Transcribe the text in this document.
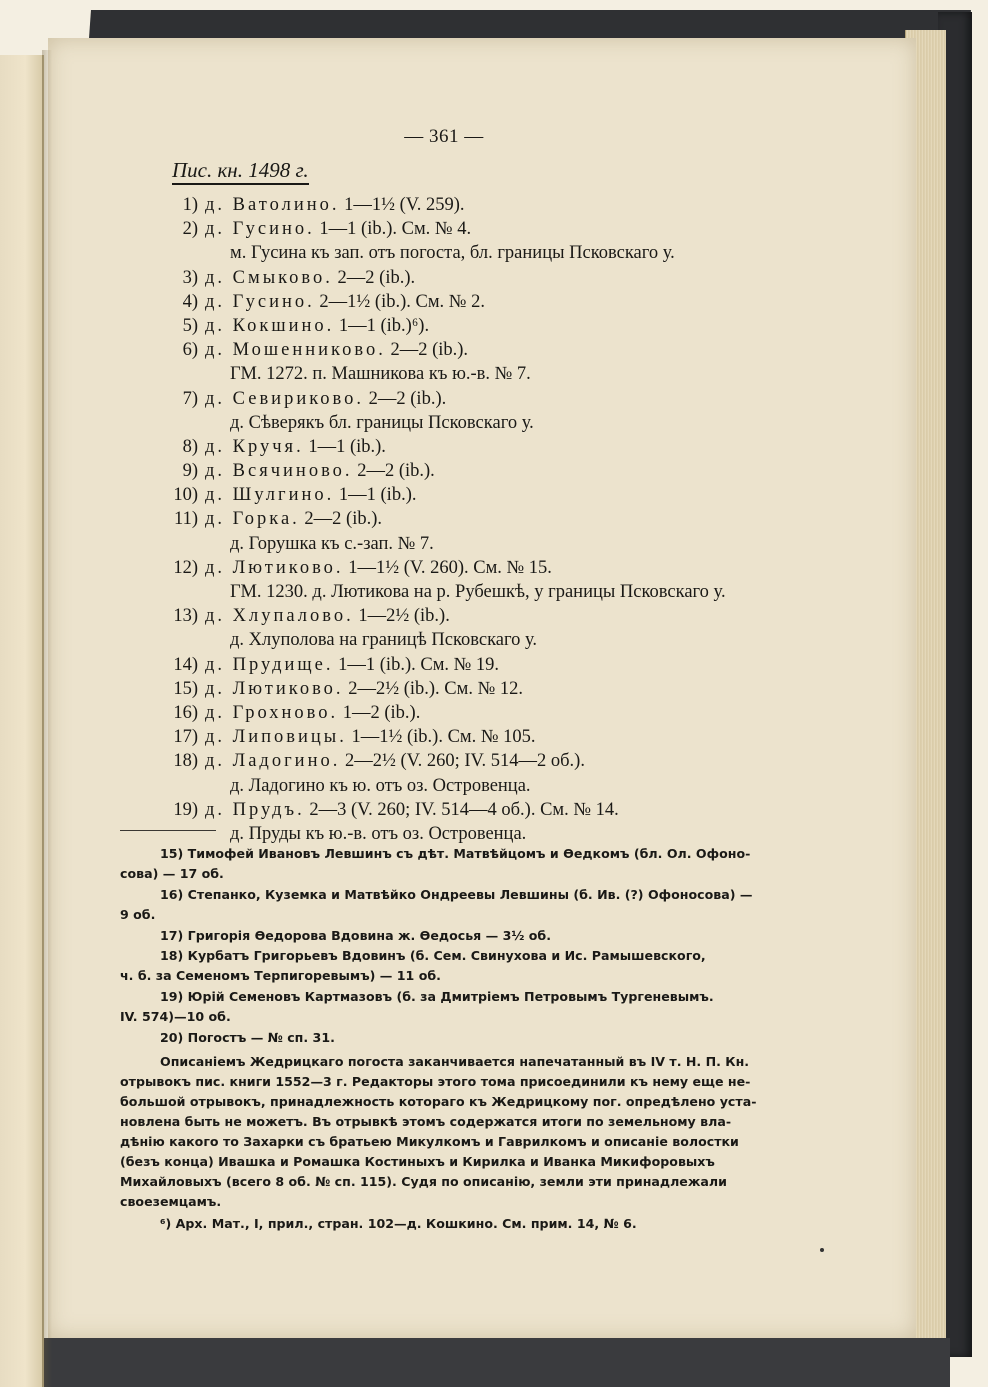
— 361 —
Пис. кн. 1498 г.
1) д. Ватолино. 1—1½ (V. 259).
2) д. Гусино. 1—1 (ib.). См. № 4.
м. Гусина къ зап. отъ погоста, бл. границы Псковскаго у.
3) д. Смыково. 2—2 (ib.).
4) д. Гусино. 2—1½ (ib.). См. № 2.
5) д. Кокшино. 1—1 (ib.)⁶).
6) д. Мошенниково. 2—2 (ib.).
ГМ. 1272. п. Машникова къ ю.-в. № 7.
7) д. Севириково. 2—2 (ib.).
д. Сѣверякъ бл. границы Псковскаго у.
8) д. Кручя. 1—1 (ib.).
9) д. Всячиново. 2—2 (ib.).
10) д. Шулгино. 1—1 (ib.).
11) д. Горка. 2—2 (ib.).
д. Горушка къ с.-зап. № 7.
12) д. Лютиково. 1—1½ (V. 260). См. № 15.
ГМ. 1230. д. Лютикова на р. Рубешкѣ, у границы Псковскаго у.
13) д. Хлупалово. 1—2½ (ib.).
д. Хлуполова на границѣ Псковскаго у.
14) д. Прудище. 1—1 (ib.). См. № 19.
15) д. Лютиково. 2—2½ (ib.). См. № 12.
16) д. Грохново. 1—2 (ib.).
17) д. Липовицы. 1—1½ (ib.). См. № 105.
18) д. Ладогино. 2—2½ (V. 260; IV. 514—2 об.).
д. Ладогино къ ю. отъ оз. Островенца.
19) д. Прудъ. 2—3 (V. 260; IV. 514—4 об.). См. № 14.
д. Пруды къ ю.-в. отъ оз. Островенца.
15) Тимофей Ивановъ Левшинъ съ дѣт. Матвѣйцомъ и Өедкомъ (бл. Ол. Офоно-
сова) — 17 об.
16) Степанко, Куземка и Матвѣйко Ондреевы Левшины (б. Ив. (?) Офоносова) —
9 об.
17) Григорія Өедорова Вдовина ж. Өедосья — 3½ об.
18) Курбатъ Григорьевъ Вдовинъ (б. Сем. Свинухова и Ис. Рамышевского,
ч. б. за Семеномъ Терпигоревымъ) — 11 об.
19) Юрій Семеновъ Картмазовъ (б. за Дмитріемъ Петровымъ Тургеневымъ.
IV. 574)—10 об.
20) Погостъ — № сп. 31.
Описаніемъ Жедрицкаго погоста заканчивается напечатанный въ IV т. Н. П. Кн.
отрывокъ пис. книги 1552—3 г. Редакторы этого тома присоединили къ нему еще не-
большой отрывокъ, принадлежность котораго къ Жедрицкому пог. опредѣлено уста-
новлена быть не можетъ. Въ отрывкѣ этомъ содержатся итоги по земельному вла-
дѣнію какого то Захарки съ братьею Микулкомъ и Гаврилкомъ и описаніе волостки
(безъ конца) Ивашка и Ромашка Костиныхъ и Кирилка и Иванка Микифоровыхъ
Михайловыхъ (всего 8 об. № сп. 115). Судя по описанію, земли эти принадлежали
своеземцамъ.
⁶) Арх. Мат., I, прил., стран. 102—д. Кошкино. См. прим. 14, № 6.
